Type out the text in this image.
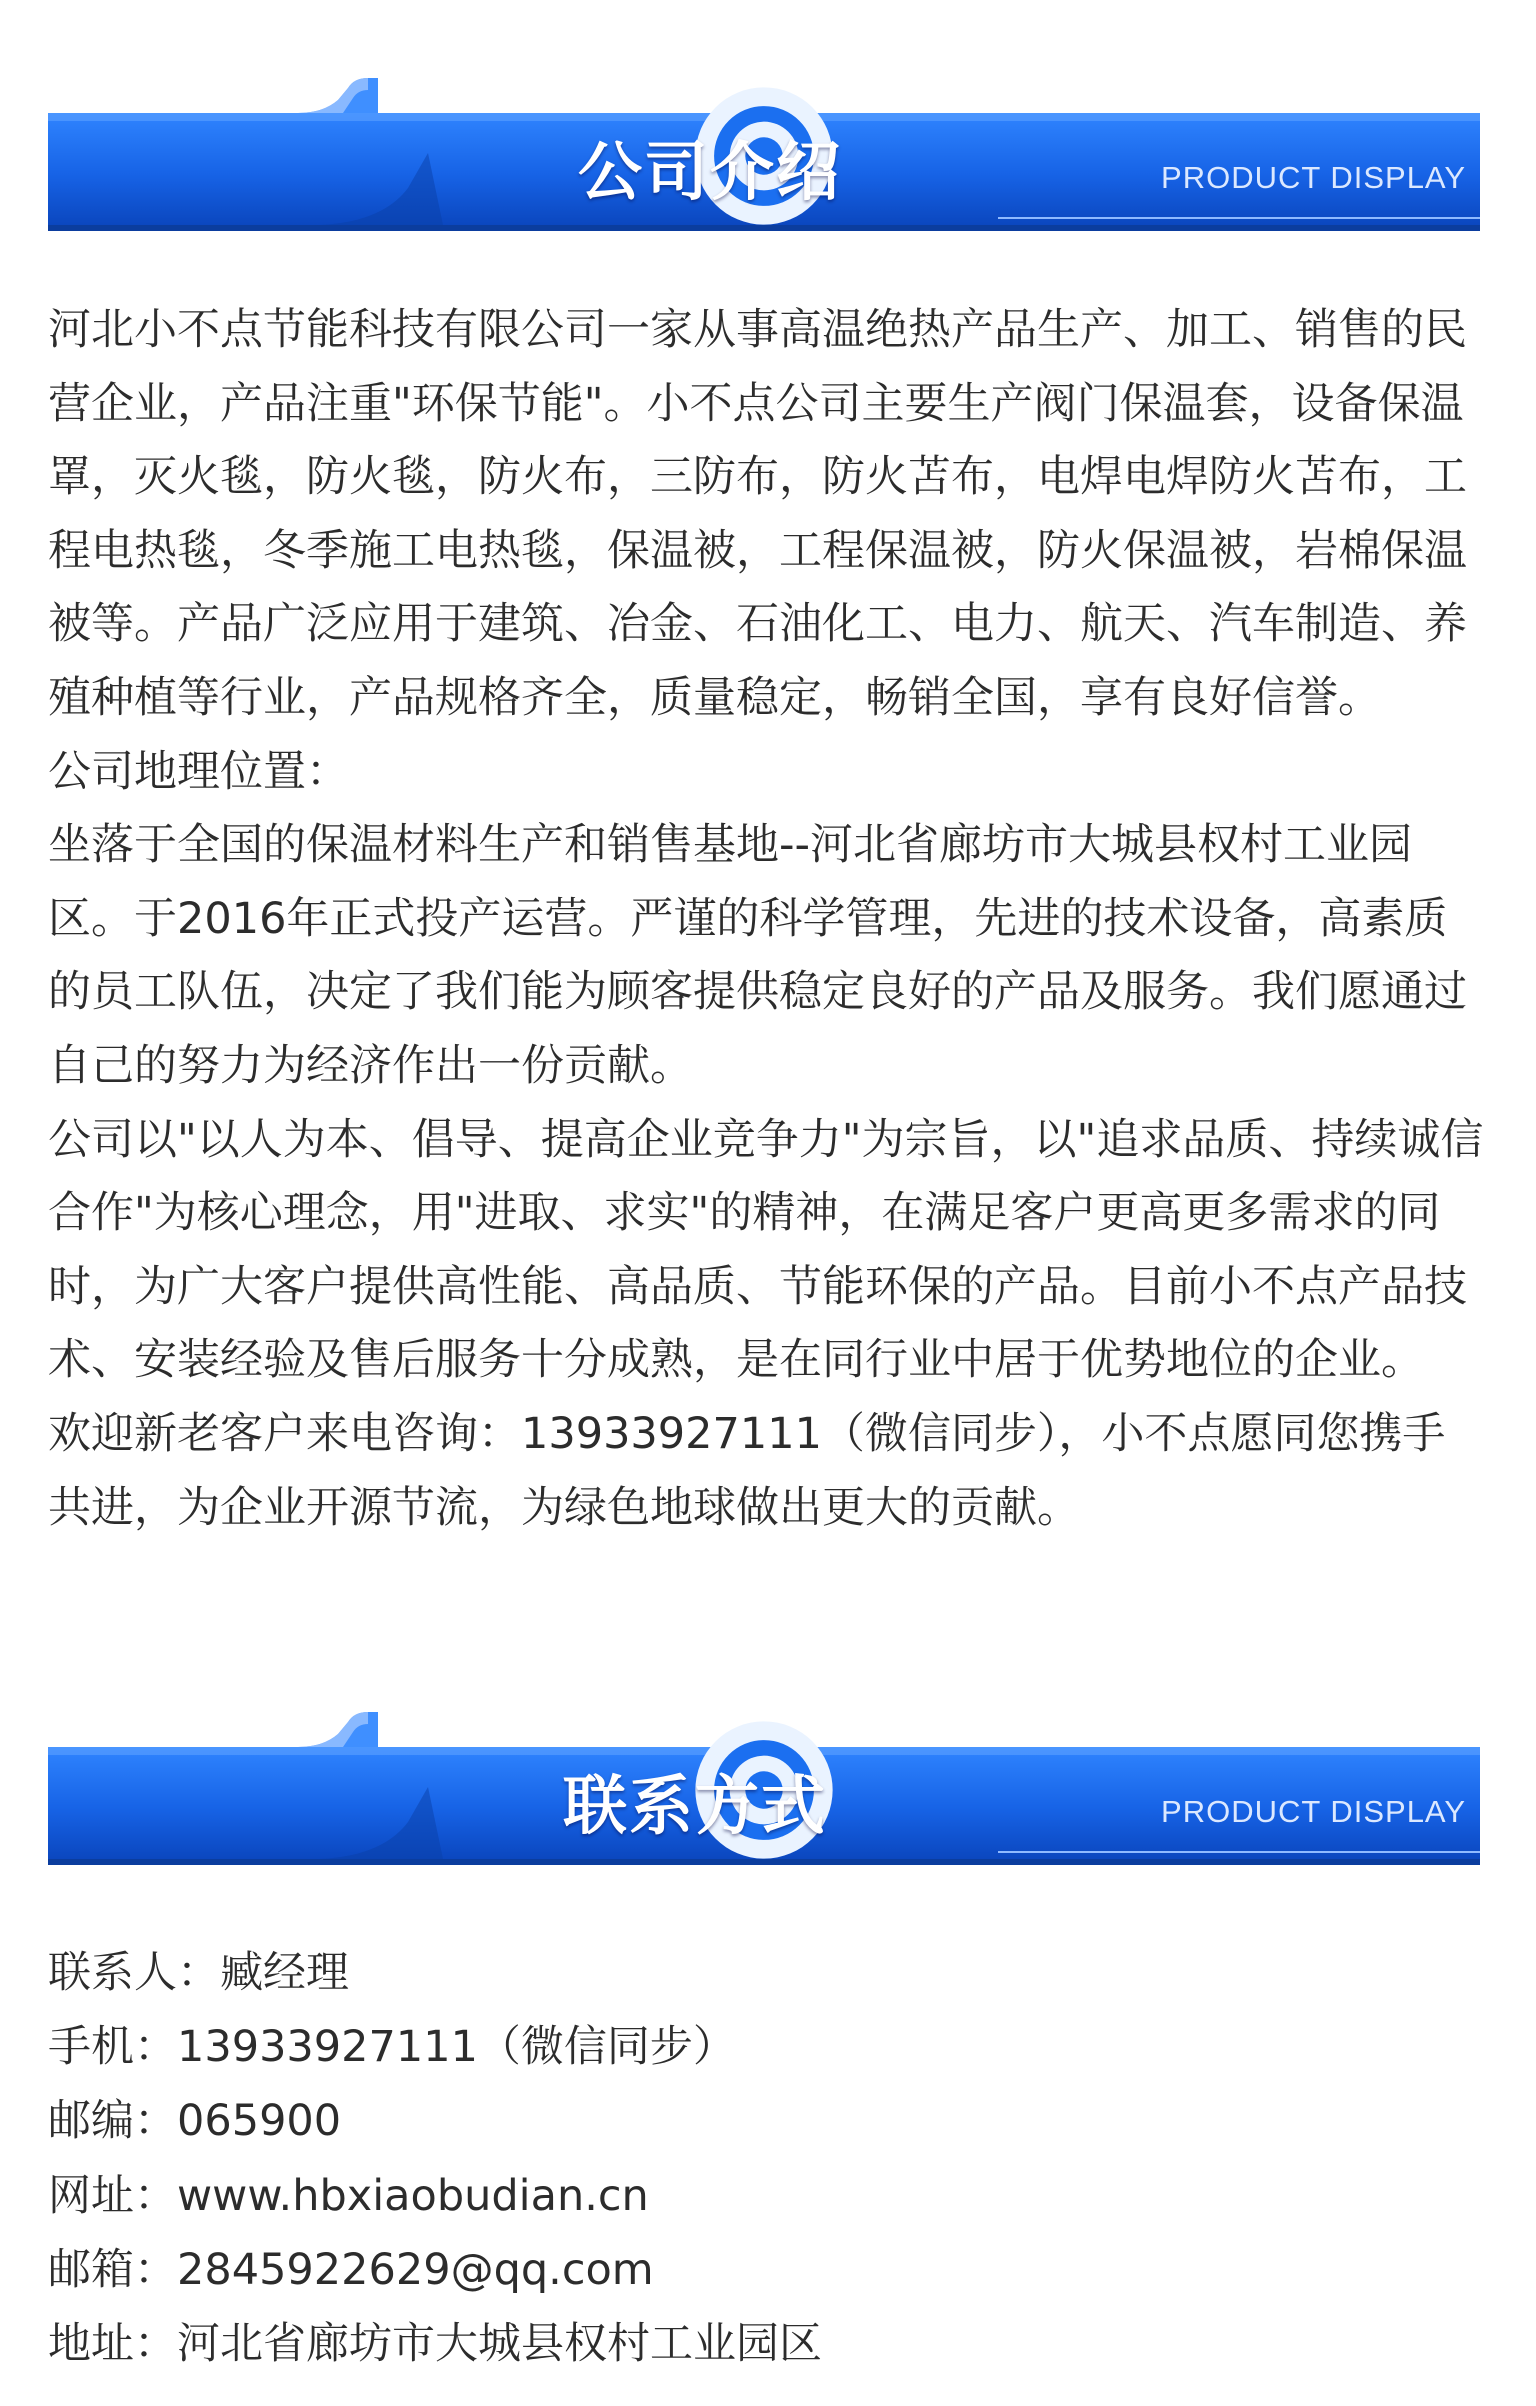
公司介绍	PRODUCT DISPLAY

河北小不点节能科技有限公司一家从事高温绝热产品生产、加工、销售的民营企业，产品注重"环保节能"。小不点公司主要生产阀门保温套，设备保温罩，灭火毯，防火毯，防火布，三防布，防火苫布，电焊电焊防火苫布，工程电热毯，冬季施工电热毯，保温被，工程保温被，防火保温被，岩棉保温被等。产品广泛应用于建筑、冶金、石油化工、电力、航天、汽车制造、养殖种植等行业，产品规格齐全，质量稳定，畅销全国，享有良好信誉。

公司地理位置：

坐落于全国的保温材料生产和销售基地--河北省廊坊市大城县权村工业园区。于2016年正式投产运营。严谨的科学管理，先进的技术设备，高素质的员工队伍，决定了我们能为顾客提供稳定良好的产品及服务。我们愿通过自己的努力为经济作出一份贡献。

公司以"以人为本、倡导、提高企业竞争力"为宗旨，以"追求品质、持续诚信合作"为核心理念，用"进取、求实"的精神，在满足客户更高更多需求的同时，为广大客户提供高性能、高品质、节能环保的产品。目前小不点产品技术、安装经验及售后服务十分成熟，是在同行业中居于优势地位的企业。

欢迎新老客户来电咨询：13933927111（微信同步），小不点愿同您携手共进，为企业开源节流，为绿色地球做出更大的贡献。

联系方式	PRODUCT DISPLAY
联系人：臧经理
手机：13933927111（微信同步）
邮编：065900
网址：www.hbxiaobudian.cn
邮箱：2845922629@qq.com
地址：河北省廊坊市大城县权村工业园区
